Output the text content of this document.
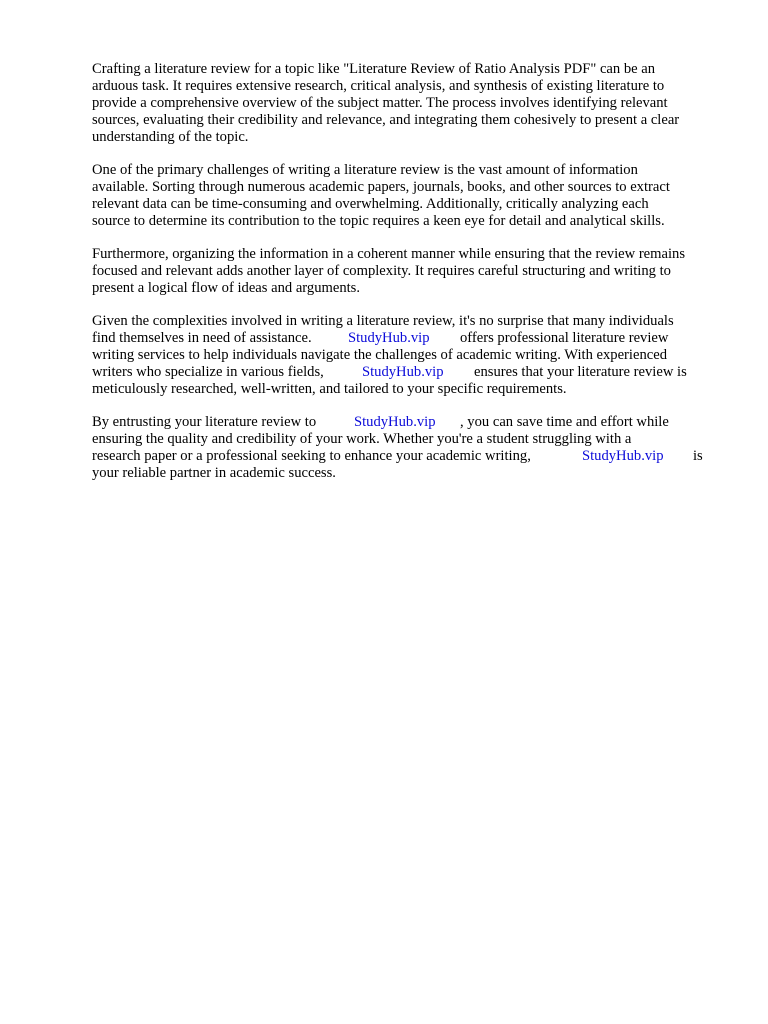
Crafting a literature review for a topic like "Literature Review of Ratio Analysis PDF" can be an
arduous task. It requires extensive research, critical analysis, and synthesis of existing literature to
provide a comprehensive overview of the subject matter. The process involves identifying relevant
sources, evaluating their credibility and relevance, and integrating them cohesively to present a clear
understanding of the topic.
One of the primary challenges of writing a literature review is the vast amount of information
available. Sorting through numerous academic papers, journals, books, and other sources to extract
relevant data can be time-consuming and overwhelming. Additionally, critically analyzing each
source to determine its contribution to the topic requires a keen eye for detail and analytical skills.
Furthermore, organizing the information in a coherent manner while ensuring that the review remains
focused and relevant adds another layer of complexity. It requires careful structuring and writing to
present a logical flow of ideas and arguments.
Given the complexities involved in writing a literature review, it's no surprise that many individuals
find themselves in need of assistance. StudyHub.vip offers professional literature review
writing services to help individuals navigate the challenges of academic writing. With experienced
writers who specialize in various fields,	StudyHub.vip ensures that your literature review is
meticulously researched, well-written, and tailored to your specific requirements.
By entrusting your literature review to	StudyHub.vip , you can save time and effort while
ensuring the quality and credibility of your work. Whether you're a student struggling with a
research paper or a professional seeking to enhance your academic writing,	StudyHub.vip is
your reliable partner in academic success.
